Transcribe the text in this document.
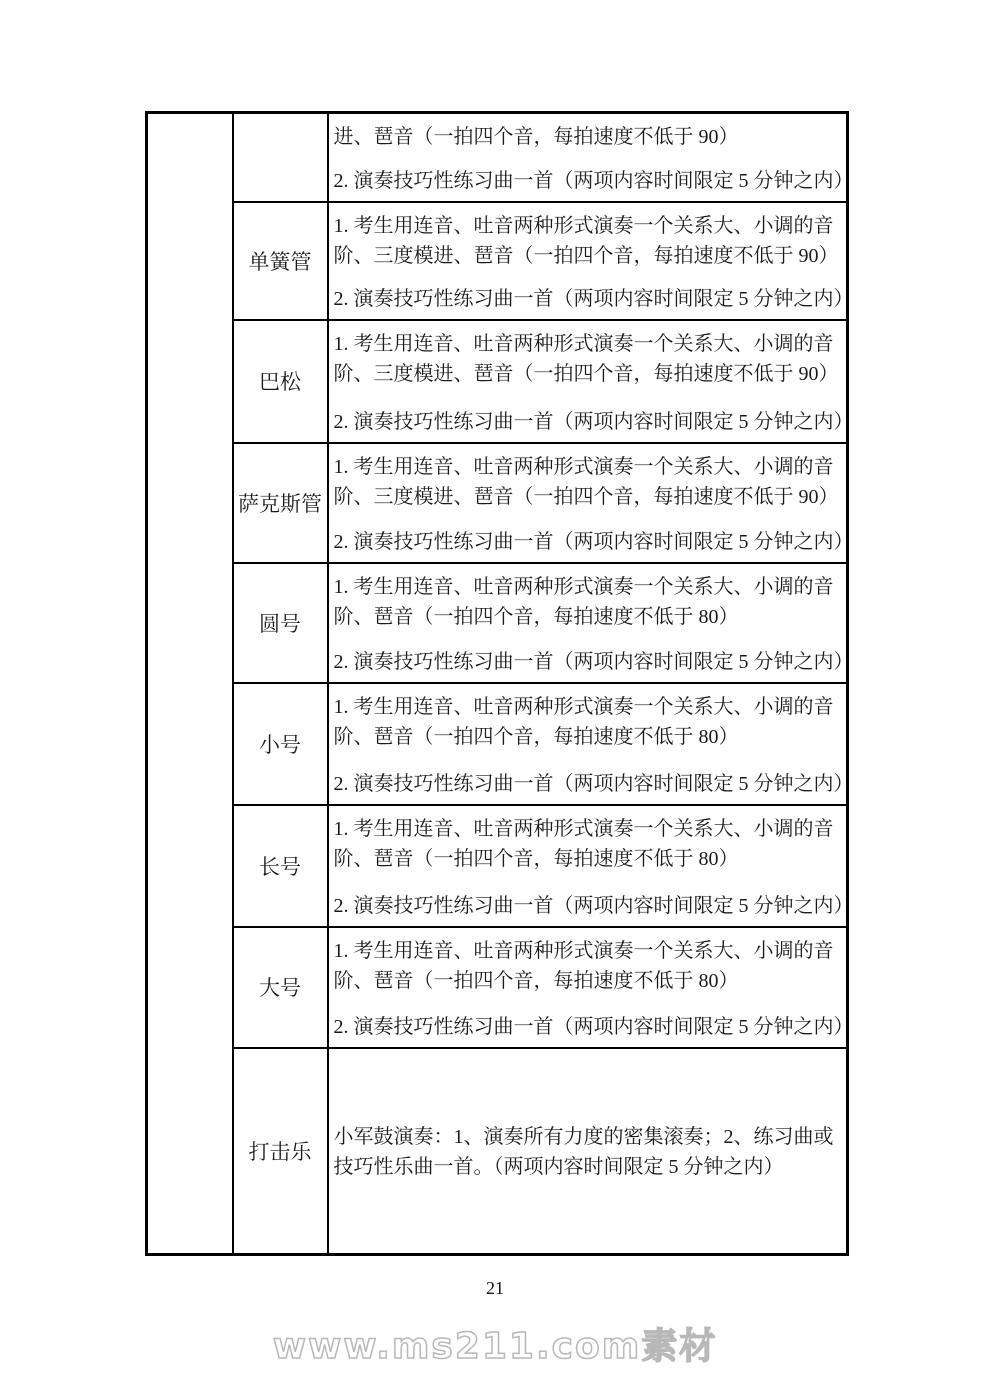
		进、琶音（一拍四个音，每拍速度不低于 90）

2. 演奏技巧性练习曲一首（两项内容时间限定 5 分钟之内）

	单簧管	1. 考生用连音、吐音两种形式演奏一个关系大、小调的音阶、三度模进、琶音（一拍四个音，每拍速度不低于 90）

2. 演奏技巧性练习曲一首（两项内容时间限定 5 分钟之内）

	巴松	1. 考生用连音、吐音两种形式演奏一个关系大、小调的音阶、三度模进、琶音（一拍四个音，每拍速度不低于 90）

2. 演奏技巧性练习曲一首（两项内容时间限定 5 分钟之内）

	萨克斯管	1. 考生用连音、吐音两种形式演奏一个关系大、小调的音阶、三度模进、琶音（一拍四个音，每拍速度不低于 90）

2. 演奏技巧性练习曲一首（两项内容时间限定 5 分钟之内）

	圆号	1. 考生用连音、吐音两种形式演奏一个关系大、小调的音阶、琶音（一拍四个音，每拍速度不低于 80）

2. 演奏技巧性练习曲一首（两项内容时间限定 5 分钟之内）

	小号	1. 考生用连音、吐音两种形式演奏一个关系大、小调的音阶、琶音（一拍四个音，每拍速度不低于 80）

2. 演奏技巧性练习曲一首（两项内容时间限定 5 分钟之内）

	长号	1. 考生用连音、吐音两种形式演奏一个关系大、小调的音阶、琶音（一拍四个音，每拍速度不低于 80）

2. 演奏技巧性练习曲一首（两项内容时间限定 5 分钟之内）

	大号	1. 考生用连音、吐音两种形式演奏一个关系大、小调的音阶、琶音（一拍四个音，每拍速度不低于 80）

2. 演奏技巧性练习曲一首（两项内容时间限定 5 分钟之内）

	打击乐	小军鼓演奏：1、演奏所有力度的密集滚奏；2、练习曲或技巧性乐曲一首。（两项内容时间限定 5 分钟之内）

21
www.ms211.com素材
